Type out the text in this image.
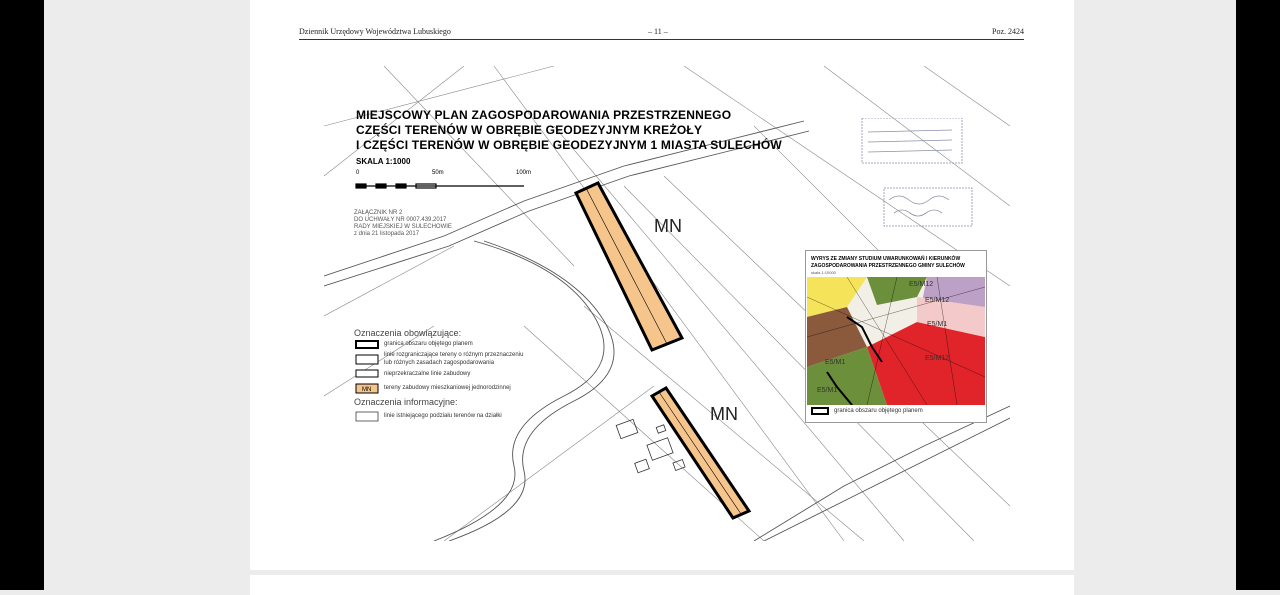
Dziennik Urzędowy Województwa Lubuskiego	– 11 –	Poz. 2424
MN
MIEJSCOWY PLAN ZAGOSPODAROWANIA PRZESTRZENNEGO
CZĘŚCI TERENÓW W OBRĘBIE GEODEZYJNYM KREŻOŁY
I CZĘŚCI TERENÓW W OBRĘBIE GEODEZYJNYM 1 MIASTA SULECHÓW
SKALA 1:1000
0	50m	100m
ZAŁĄCZNIK NR 2
DO UCHWAŁY NR 0007.439.2017
RADY MIEJSKIEJ W SULECHOWIE
z dnia 21 listopada 2017	MN
MN
Oznaczenia obowiązujące:
granica obszaru objętego planem
linie rozgraniczające tereny o różnym przeznaczeniu
lub różnych zasadach zagospodarowania
nieprzekraczalne linie zabudowy
tereny zabudowy mieszkaniowej jednorodzinnej
Oznaczenia informacyjne:
linie istniejącego podziału terenów na działki
WYRYS ZE ZMIANY STUDIUM UWARUNKOWAŃ I KIERUNKÓW
ZAGOSPODAROWANIA PRZESTRZENNEGO GMINY SULECHÓW
skala 1:10000
E5/M12
E5/M12
E5/M1
E5/M12
E5/M1
E5/M1
granica obszaru objętego planem
